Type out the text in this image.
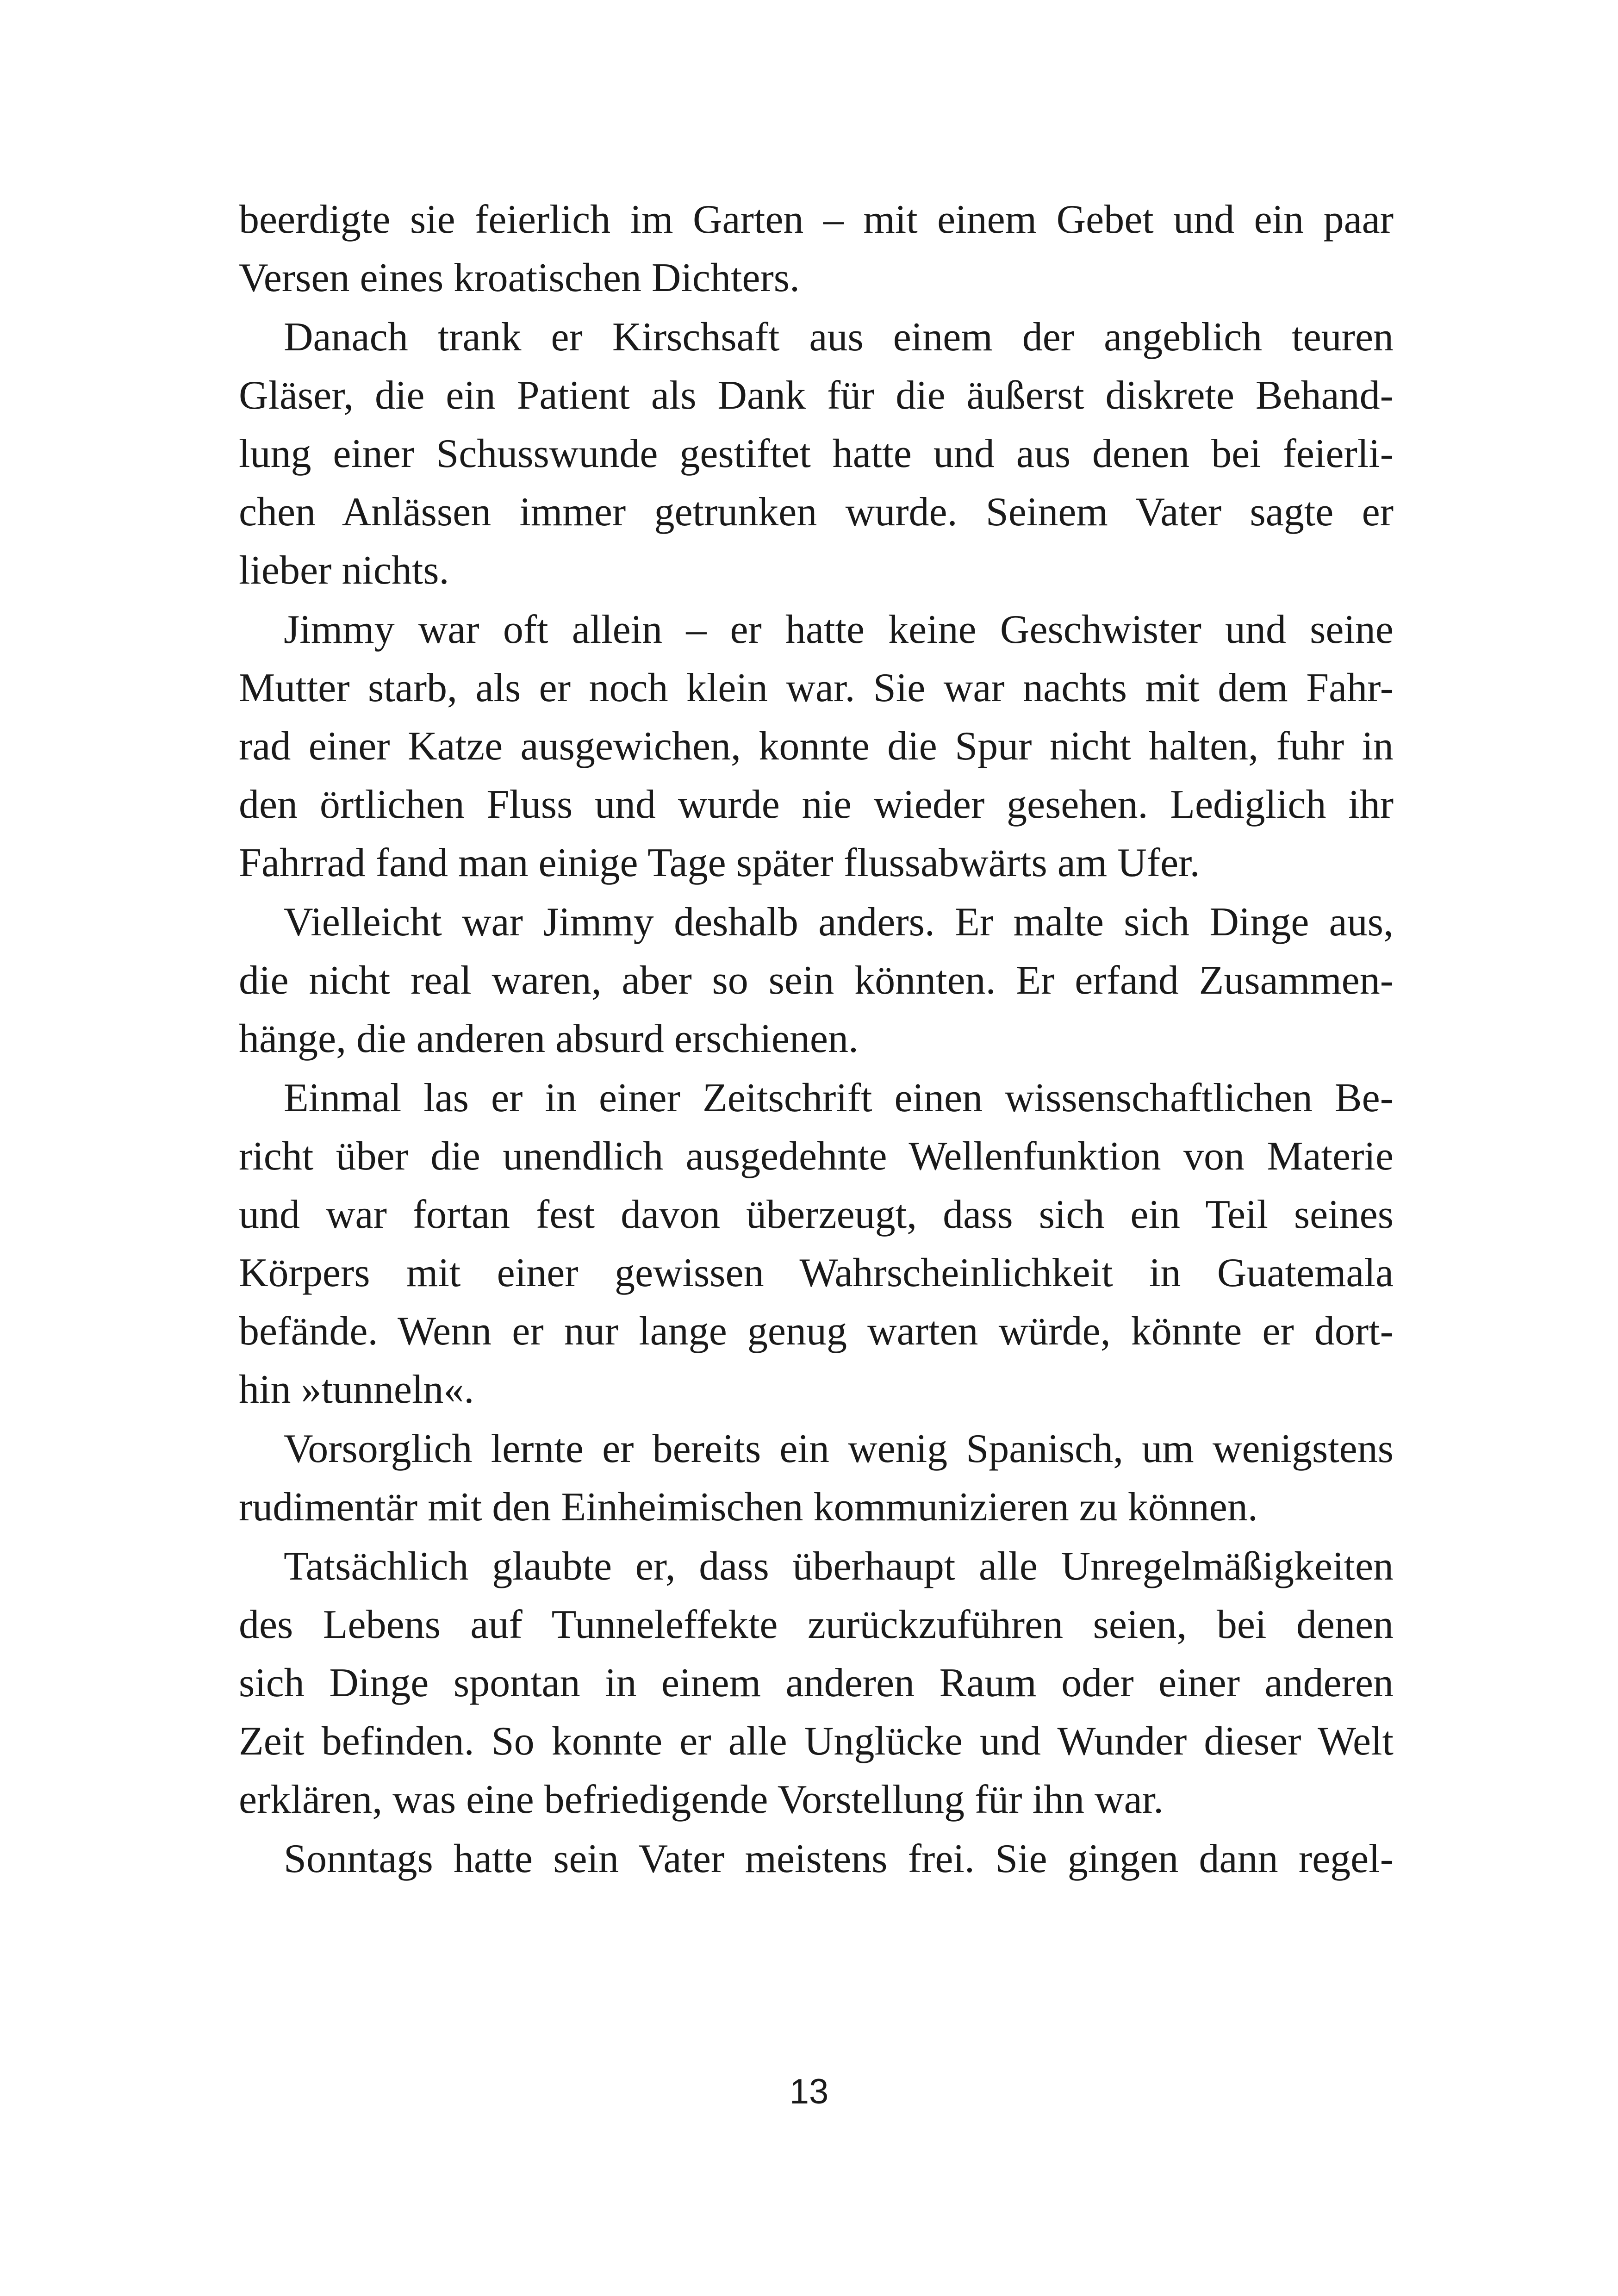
beerdigte sie feierlich im Garten – mit einem Gebet und ein paar
Versen eines kroatischen Dichters.
Danach trank er Kirschsaft aus einem der angeblich teuren
Gläser, die ein Patient als Dank für die äußerst diskrete Behand-
lung einer Schusswunde gestiftet hatte und aus denen bei feierli-
chen Anlässen immer getrunken wurde. Seinem Vater sagte er
lieber nichts.
Jimmy war oft allein – er hatte keine Geschwister und seine
Mutter starb, als er noch klein war. Sie war nachts mit dem Fahr-
rad einer Katze ausgewichen, konnte die Spur nicht halten, fuhr in
den örtlichen Fluss und wurde nie wieder gesehen. Lediglich ihr
Fahrrad fand man einige Tage später flussabwärts am Ufer.
Vielleicht war Jimmy deshalb anders. Er malte sich Dinge aus,
die nicht real waren, aber so sein könnten. Er erfand Zusammen-
hänge, die anderen absurd erschienen.
Einmal las er in einer Zeitschrift einen wissenschaftlichen Be-
richt über die unendlich ausgedehnte Wellenfunktion von Materie
und war fortan fest davon überzeugt, dass sich ein Teil seines
Körpers mit einer gewissen Wahrscheinlichkeit in Guatemala
befände. Wenn er nur lange genug warten würde, könnte er dort-
hin »tunneln«.
Vorsorglich lernte er bereits ein wenig Spanisch, um wenigstens
rudimentär mit den Einheimischen kommunizieren zu können.
Tatsächlich glaubte er, dass überhaupt alle Unregelmäßigkeiten
des Lebens auf Tunneleffekte zurückzuführen seien, bei denen
sich Dinge spontan in einem anderen Raum oder einer anderen
Zeit befinden. So konnte er alle Unglücke und Wunder dieser Welt
erklären, was eine befriedigende Vorstellung für ihn war.
Sonntags hatte sein Vater meistens frei. Sie gingen dann regel-
13
